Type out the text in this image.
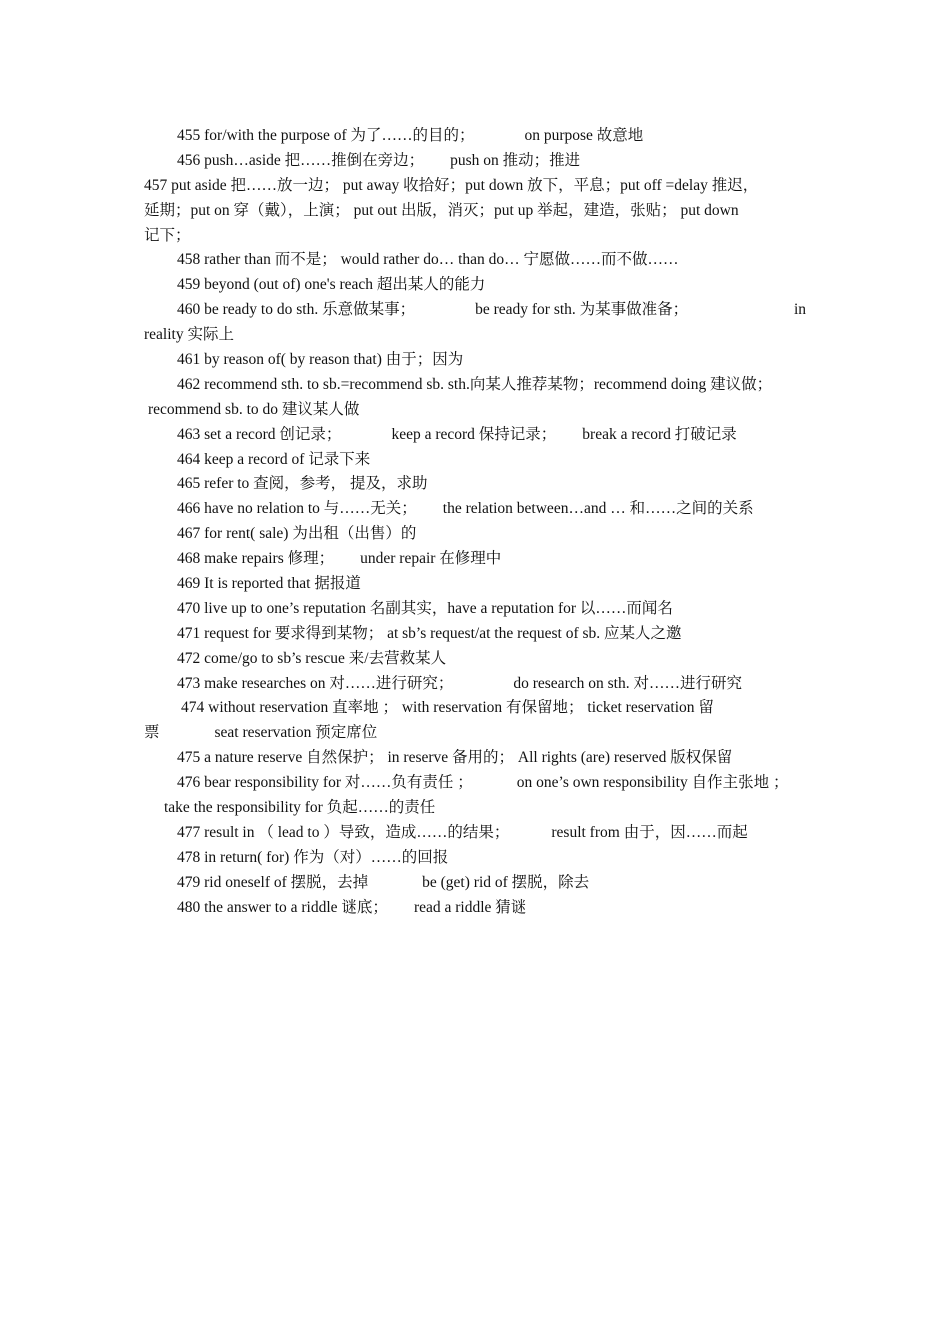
455 for/with the purpose of 为了……的目的；	on purpose 故意地
456 push…aside 把……推倒在旁边； push on 推动；推进
457 put aside 把……放一边； put away 收拾好；put down 放下，平息；put off =delay 推迟，
延期；put on 穿（戴），上演； put out 出版，消灭；put up 举起，建造，张贴； put down
记下；
458 rather than 而不是； would rather do… than do… 宁愿做……而不做……
459 beyond (out of) one's reach 超出某人的能力
460 be ready to do sth. 乐意做某事；	be ready for sth. 为某事做准备；	in
reality 实际上
461 by reason of( by reason that) 由于；因为
462 recommend sth. to sb.=recommend sb. sth.向某人推荐某物；recommend doing 建议做；
recommend sb. to do 建议某人做
463 set a record 创记录；	keep a record 保持记录； break a record 打破记录
464 keep a record of 记录下来
465 refer to 查阅，参考， 提及，求助
466 have no relation to 与……无关； the relation between…and … 和……之间的关系
467 for rent( sale) 为出租（出售）的
468 make repairs 修理； under repair 在修理中
469 It is reported that 据报道
470 live up to one’s reputation 名副其实，have a reputation for 以……而闻名
471 request for 要求得到某物； at sb’s request/at the request of sb. 应某人之邀
472 come/go to sb’s rescue 来/去营救某人
473 make researches on 对……进行研究；	do research on sth. 对……进行研究
474 without reservation 直率地 ； with reservation 有保留地； ticket reservation 留
票	seat reservation 预定席位
475 a nature reserve 自然保护； in reserve 备用的； All rights (are) reserved 版权保留
476 bear responsibility for 对……负有责任 ；	on one’s own responsibility 自作主张地 ；
take the responsibility for 负起……的责任
477 result in （ lead to ）导致，造成……的结果；	result from 由于，因……而起
478 in return( for) 作为（对）……的回报
479 rid oneself of 摆脱，去掉	be (get) rid of 摆脱，除去
480 the answer to a riddle 谜底； read a riddle 猜谜
